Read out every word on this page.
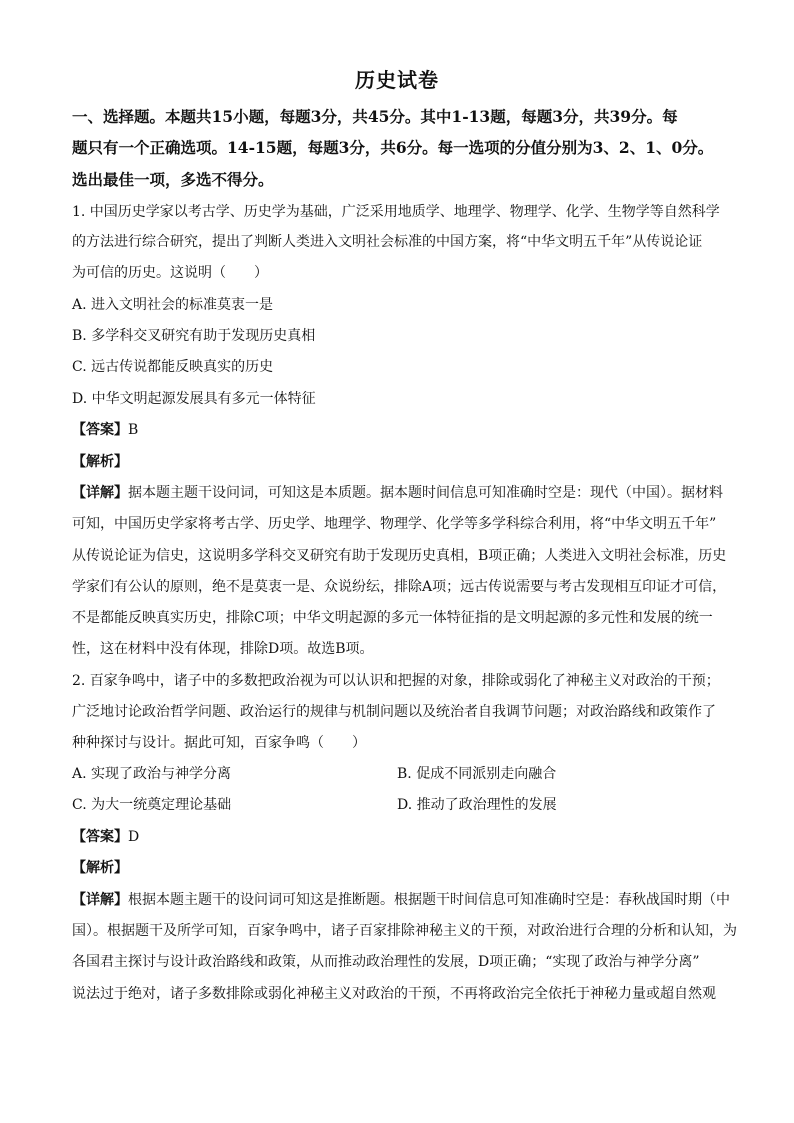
历史试卷
一、选择题。本题共15小题，每题3分，共45分。其中1-13题，每题3分，共39分。每
题只有一个正确选项。14-15题，每题3分，共6分。每一选项的分值分别为3、2、1、0分。
选出最佳一项，多选不得分。
1. 中国历史学家以考古学、历史学为基础，广泛采用地质学、地理学、物理学、化学、生物学等自然科学
的方法进行综合研究，提出了判断人类进入文明社会标准的中国方案，将“中华文明五千年”从传说论证
为可信的历史。这说明（　　）
A. 进入文明社会的标准莫衷一是
B. 多学科交叉研究有助于发现历史真相
C. 远古传说都能反映真实的历史
D. 中华文明起源发展具有多元一体特征
【答案】B
【解析】
【详解】据本题主题干设问词，可知这是本质题。据本题时间信息可知准确时空是：现代（中国）。据材料
可知，中国历史学家将考古学、历史学、地理学、物理学、化学等多学科综合利用，将“中华文明五千年”
从传说论证为信史，这说明多学科交叉研究有助于发现历史真相，B项正确；人类进入文明社会标准，历史
学家们有公认的原则，绝不是莫衷一是、众说纷纭，排除A项；远古传说需要与考古发现相互印证才可信，
不是都能反映真实历史，排除C项；中华文明起源的多元一体特征指的是文明起源的多元性和发展的统一
性，这在材料中没有体现，排除D项。故选B项。
2. 百家争鸣中，诸子中的多数把政治视为可以认识和把握的对象，排除或弱化了神秘主义对政治的干预；
广泛地讨论政治哲学问题、政治运行的规律与机制问题以及统治者自我调节问题；对政治路线和政策作了
种种探讨与设计。据此可知，百家争鸣（　　）
A. 实现了政治与神学分离	B. 促成不同派别走向融合
C. 为大一统奠定理论基础	D. 推动了政治理性的发展
【答案】D
【解析】
【详解】根据本题主题干的设问词可知这是推断题。根据题干时间信息可知准确时空是：春秋战国时期（中
国）。根据题干及所学可知，百家争鸣中，诸子百家排除神秘主义的干预，对政治进行合理的分析和认知，为
各国君主探讨与设计政治路线和政策，从而推动政治理性的发展，D项正确；“实现了政治与神学分离”
说法过于绝对，诸子多数排除或弱化神秘主义对政治的干预，不再将政治完全依托于神秘力量或超自然观
